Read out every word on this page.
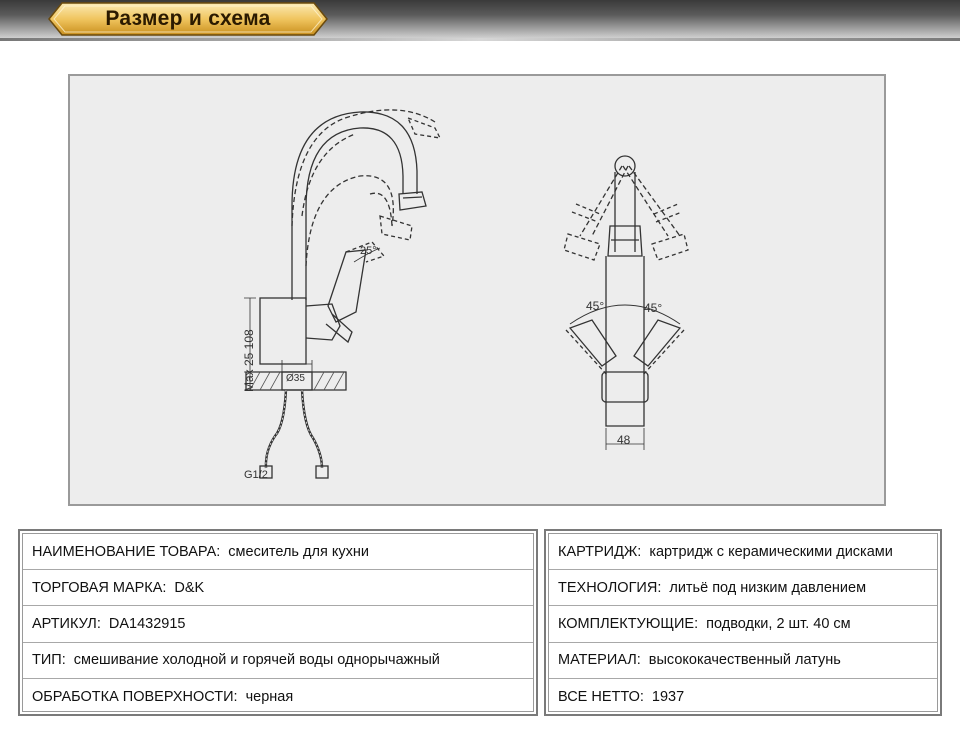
Размер и схема
Max 25 108	Ø35
G1/2
25°
45°	45°
48
НАИМЕНОВАНИЕ ТОВАРА: смеситель для кухни
ТОРГОВАЯ МАРКА: D&K
АРТИКУЛ: DA1432915
ТИП: смешивание холодной и горячей воды однорычажный
ОБРАБОТКА ПОВЕРХНОСТИ: черная
КАРТРИДЖ: картридж с керамическими дисками
ТЕХНОЛОГИЯ: литьё под низким давлением
КОМПЛЕКТУЮЩИЕ: подводки, 2 шт. 40 см
МАТЕРИАЛ: высококачественный латунь
ВСЕ НЕТТО: 1937
